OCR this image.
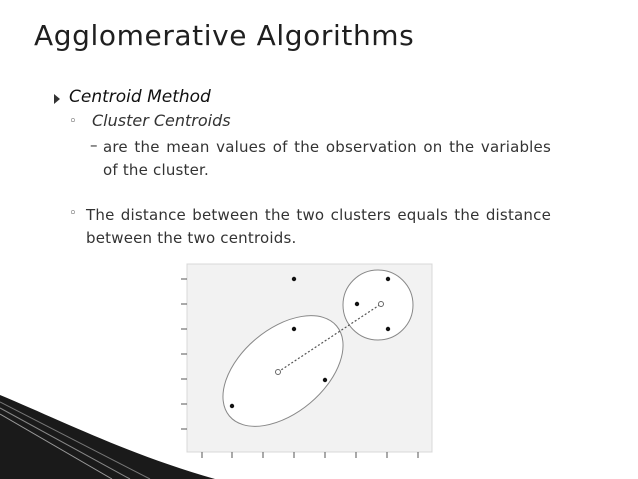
Agglomerative Algorithms
Centroid Method
◦ Cluster Centroids
– are the mean values of the observation on the variables of the cluster.
◦ The distance between the two clusters equals the distance between the two centroids.
